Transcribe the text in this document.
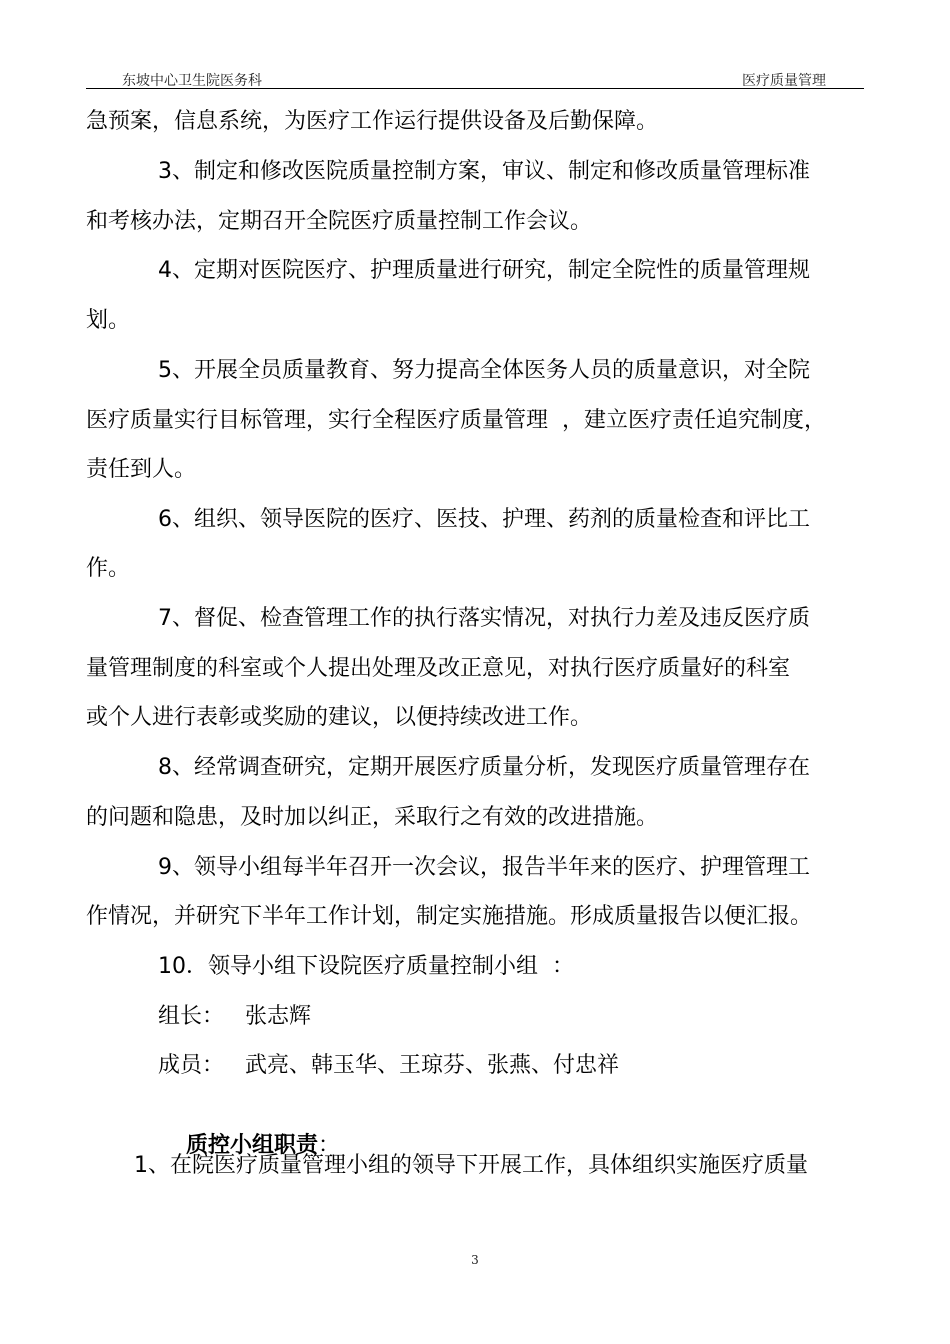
东坡中心卫生院医务科	医疗质量管理
急预案，信息系统，为医疗工作运行提供设备及后勤保障。
3、制定和修改医院质量控制方案，审议、制定和修改质量管理标准
和考核办法，定期召开全院医疗质量控制工作会议。
4、定期对医院医疗、护理质量进行研究，制定全院性的质量管理规
划。
5、开展全员质量教育、努力提高全体医务人员的质量意识，对全院
医疗质量实行目标管理，实行全程医疗质量管理  ，建立医疗责任追究制度，
责任到人。
6、组织、领导医院的医疗、医技、护理、药剂的质量检查和评比工
作。
7、督促、检查管理工作的执行落实情况，对执行力差及违反医疗质
量管理制度的科室或个人提出处理及改正意见，对执行医疗质量好的科室
或个人进行表彰或奖励的建议，以便持续改进工作。
8、经常调查研究，定期开展医疗质量分析，发现医疗质量管理存在
的问题和隐患，及时加以纠正，采取行之有效的改进措施。
9、领导小组每半年召开一次会议，报告半年来的医疗、护理管理工
作情况，并研究下半年工作计划，制定实施措施。形成质量报告以便汇报。
10．领导小组下设院医疗质量控制小组  ：
组长：   张志辉
成员：   武亮、韩玉华、王琼芬、张燕、付忠祥

质控小组职责：

1、在院医疗质量管理小组的领导下开展工作，具体组织实施医疗质量
3
